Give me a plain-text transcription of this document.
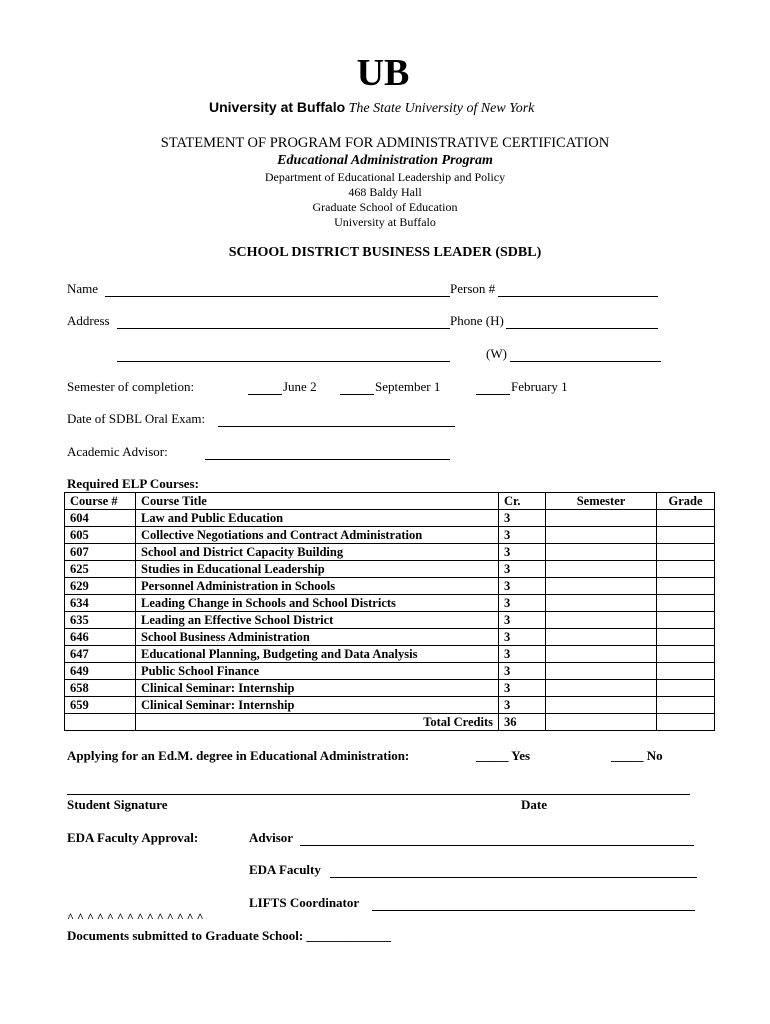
UB
University at Buffalo The State University of New York
STATEMENT OF PROGRAM FOR ADMINISTRATIVE CERTIFICATION
Educational Administration Program
Department of Educational Leadership and Policy
468 Baldy Hall
Graduate School of Education
University at Buffalo
SCHOOL DISTRICT BUSINESS LEADER (SDBL)
Name	Person #
Address	Phone (H)
(W)
Semester of completion:	June 2	September 1	February 1
Date of SDBL Oral Exam:
Academic Advisor:
Required ELP Courses:
Course #	Course Title	Cr.	Semester	Grade
604	Law and Public Education	3		
605	Collective Negotiations and Contract Administration	3		
607	School and District Capacity Building	3		
625	Studies in Educational Leadership	3		
629	Personnel Administration in Schools	3		
634	Leading Change in Schools and School Districts	3		
635	Leading an Effective School District	3		
646	School Business Administration	3		
647	Educational Planning, Budgeting and Data Analysis	3		
649	Public School Finance	3		
658	Clinical Seminar: Internship	3		
659	Clinical Seminar: Internship	3		
	Total Credits	36		
Applying for an Ed.M. degree in Educational Administration:	_____ Yes	_____ No
Student Signature	Date
EDA Faculty Approval:	Advisor
EDA Faculty
LIFTS Coordinator
^ ^ ^ ^ ^ ^ ^ ^ ^ ^ ^ ^ ^ ^
Documents submitted to Graduate School: _____________
